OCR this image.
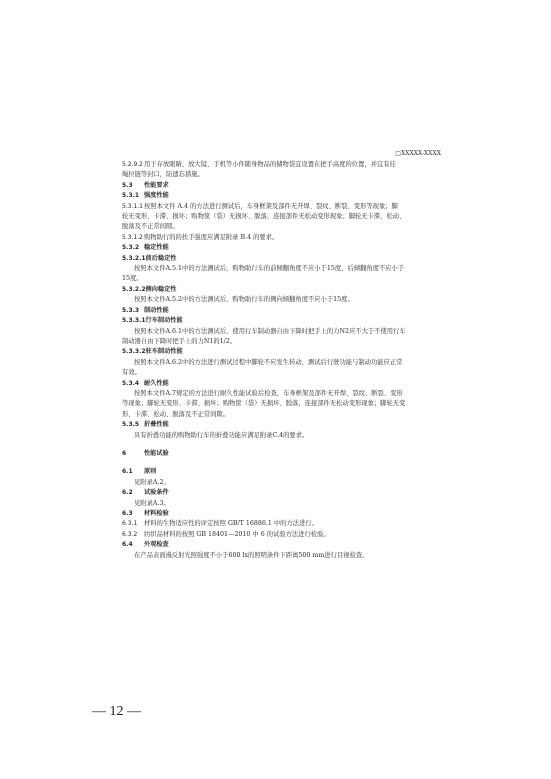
□XXXXX-XXXX
5.2.9.2用于存放眼睛、放大镜、手机等小件随身物品的储物袋宜设置在把手高度的位置，并宜有挂
绳拉链等封口，防遗忘措施。
5.3 性能要求
5.3.1 强度性能
5.3.1.1按照本文件 A.4 的方法进行测试后，车身框架及部件无开焊、裂纹、断裂、变形等现象；脚
轮无变形、卡滞、损坏；购物筐（袋）无损坏、脱落，连接部件无松动变形现象；脚轮无卡滞、松动、
脱落及不正常间隙。
5.3.1.2购物助行的的扶手强度应满足附录 B.4 的要求。
5.3.2 稳定性能
5.3.2.1前后稳定性
按照本文件A.5.1中的方法测试后，购物助行车的前倾翻角度不应小于15度，后倾翻角度不应小于
15度。
5.3.2.2侧向稳定性
按照本文件A.5.2中的方法测试后，购物助行车的侧向倾翻角度不应小于15度。
5.3.3 制动性能
5.3.3.1行车制动性能
按照本文件A.6.1中的方法测试后，使用行车制动器自由下降时把手上的力N2应不大于不使用行车
制动器自由下降时把手上的力N1的1/2。
5.3.3.2驻车制动性能
按照本文件A.6.2中的方法进行测试过程中脚轮不应发生转动，测试后行驶功能与制动功能应正常
有效。
5.3.4 耐久性能
按照本文件A.7规定的方法进行耐久性能试验后检查，车身框架及部件无开焊、裂纹、断裂、变形
等现象；脚轮无变形、卡滞、损坏；购物筐（袋）无损坏、脱落，连接部件无松动变形现象；脚轮无变
形、卡滞、松动、脱落及不正常间隙。
5.3.5 折叠性能
具有折叠功能的购物助行车的折叠功能应满足附录C.4的要求。
6	性能试验
6.1 原则
见附录A.2。
6.2 试验条件
见附录A.3。
6.3 材料检验
6.3.1 材料的生物适应性的评定按照 GB/T 16886.1 中的方法进行。
6.3.2 纺织品材料的按照 GB 18401—2010 中 6 的试验方法进行检验。
6.4 外观检查
在产品表面漫反射光照强度不小于600 lx的照明条件下距离500 mm进行目视检查。
— 12 —
